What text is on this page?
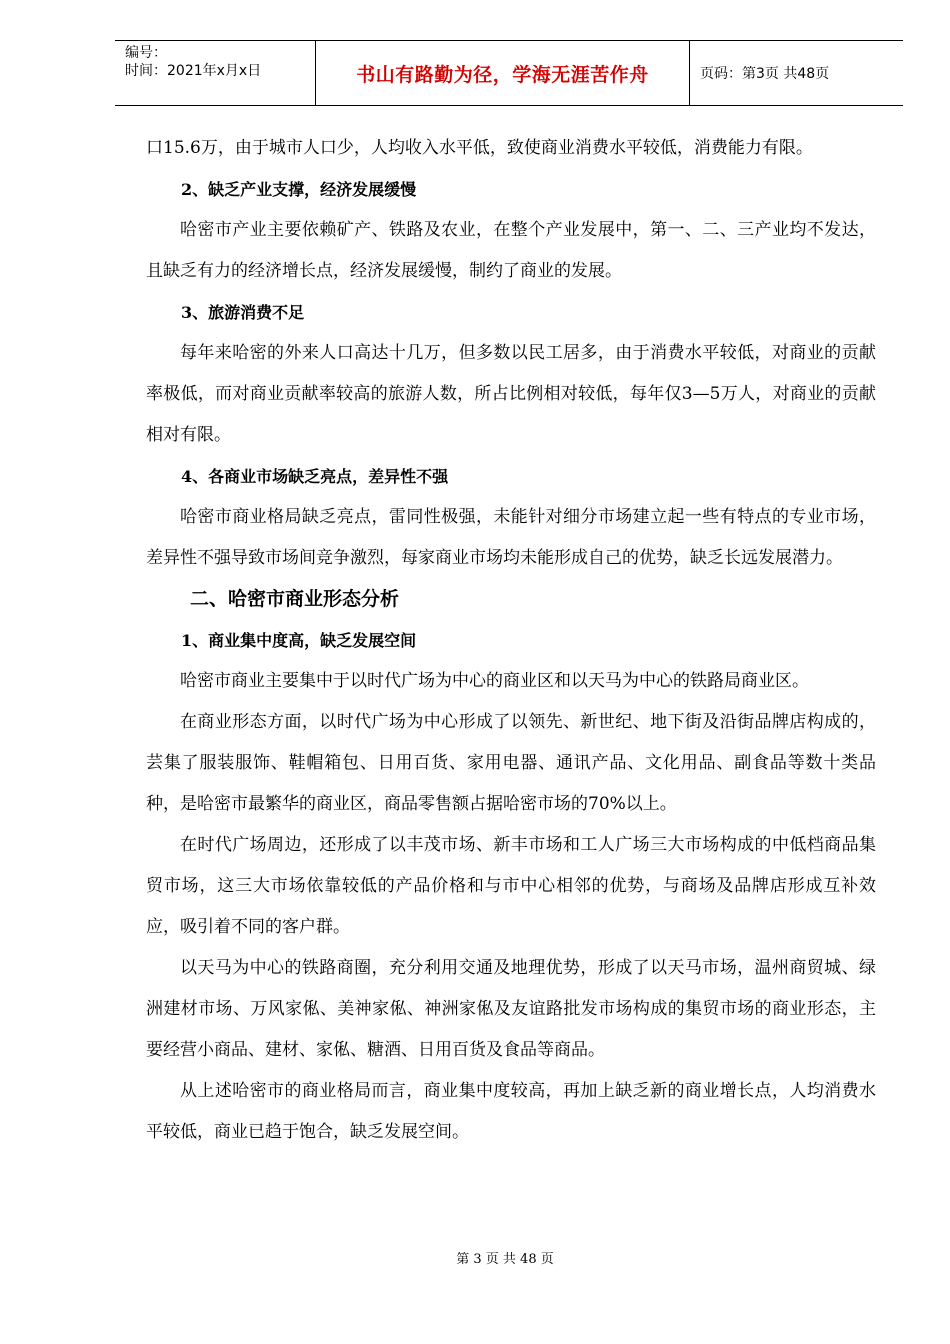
编号：
时间：2021年x月x日	书山有路勤为径，学海无涯苦作舟	页码：第3页 共48页

口15.6万，由于城市人口少，人均收入水平低，致使商业消费水平较低，消费能力有限。

2、缺乏产业支撑，经济发展缓慢

哈密市产业主要依赖矿产、铁路及农业，在整个产业发展中，第一、二、三产业均不发达，且缺乏有力的经济增长点，经济发展缓慢，制约了商业的发展。

3、旅游消费不足

每年来哈密的外来人口高达十几万，但多数以民工居多，由于消费水平较低，对商业的贡献率极低，而对商业贡献率较高的旅游人数，所占比例相对较低，每年仅3—5万人，对商业的贡献相对有限。

4、各商业市场缺乏亮点，差异性不强

哈密市商业格局缺乏亮点，雷同性极强，未能针对细分市场建立起一些有特点的专业市场，差异性不强导致市场间竞争激烈，每家商业市场均未能形成自己的优势，缺乏长远发展潜力。

二、哈密市商业形态分析

1、商业集中度高，缺乏发展空间

哈密市商业主要集中于以时代广场为中心的商业区和以天马为中心的铁路局商业区。

在商业形态方面，以时代广场为中心形成了以领先、新世纪、地下街及沿街品牌店构成的，芸集了服装服饰、鞋帽箱包、日用百货、家用电器、通讯产品、文化用品、副食品等数十类品种，是哈密市最繁华的商业区，商品零售额占据哈密市场的70%以上。

在时代广场周边，还形成了以丰茂市场、新丰市场和工人广场三大市场构成的中低档商品集贸市场，这三大市场依靠较低的产品价格和与市中心相邻的优势，与商场及品牌店形成互补效应，吸引着不同的客户群。

以天马为中心的铁路商圈，充分利用交通及地理优势，形成了以天马市场，温州商贸城、绿洲建材市场、万风家俬、美神家俬、神洲家俬及友谊路批发市场构成的集贸市场的商业形态，主要经营小商品、建材、家俬、糖酒、日用百货及食品等商品。

从上述哈密市的商业格局而言，商业集中度较高，再加上缺乏新的商业增长点，人均消费水平较低，商业已趋于饱合，缺乏发展空间。

第 3 页 共 48 页
